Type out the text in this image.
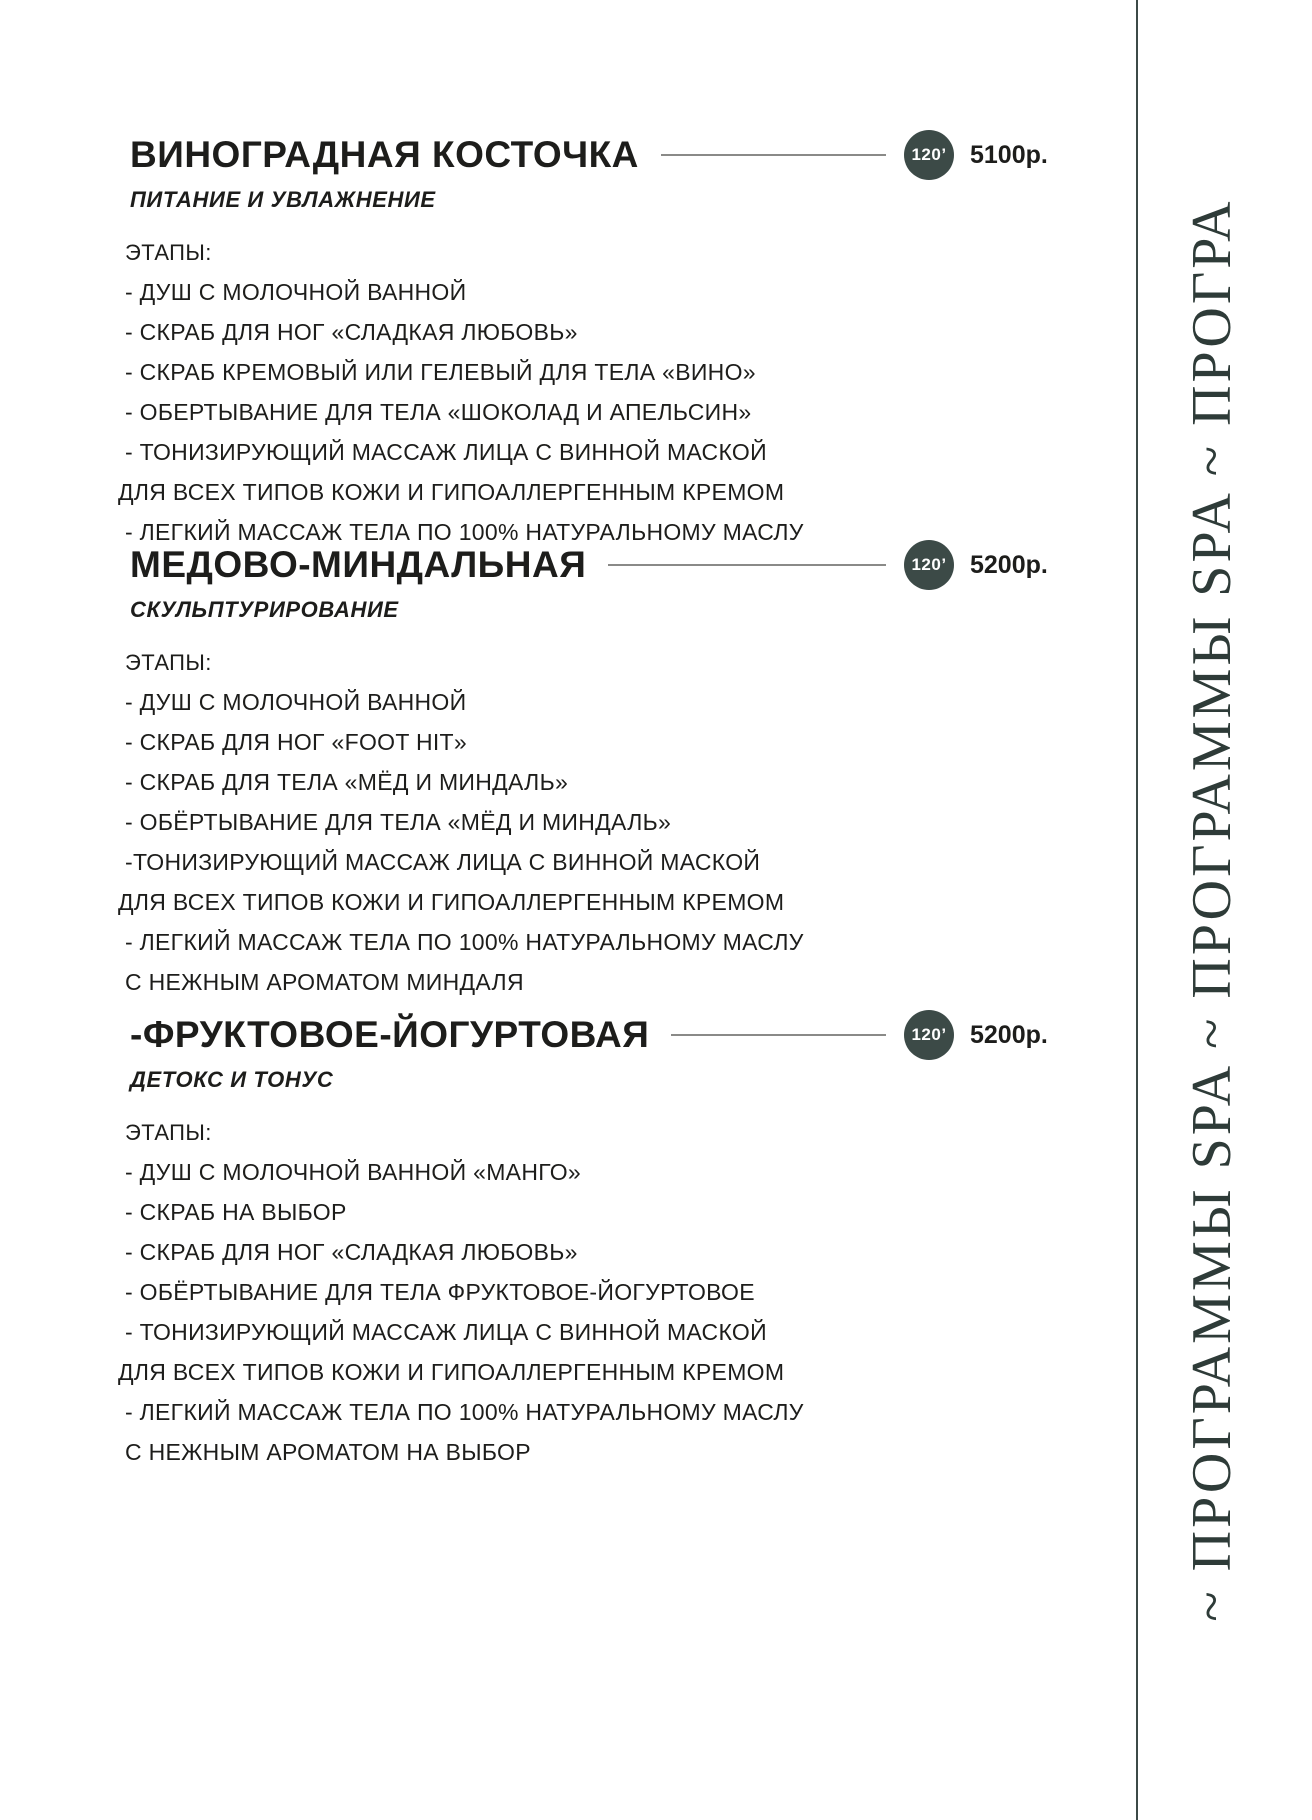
ВИНОГРАДНАЯ КОСТОЧКА	120’ 5100р.
ПИТАНИЕ И УВЛАЖНЕНИЕ
ЭТАПЫ:
- ДУШ С МОЛОЧНОЙ ВАННОЙ
- СКРАБ ДЛЯ НОГ «СЛАДКАЯ ЛЮБОВЬ»
- СКРАБ КРЕМОВЫЙ ИЛИ ГЕЛЕВЫЙ ДЛЯ ТЕЛА «ВИНО»
- ОБЕРТЫВАНИЕ ДЛЯ ТЕЛА «ШОКОЛАД И АПЕЛЬСИН»
- ТОНИЗИРУЮЩИЙ МАССАЖ ЛИЦА С ВИННОЙ МАСКОЙ
ДЛЯ ВСЕХ ТИПОВ КОЖИ И ГИПОАЛЛЕРГЕННЫМ КРЕМОМ
- ЛЕГКИЙ МАССАЖ ТЕЛА ПО 100% НАТУРАЛЬНОМУ МАСЛУ
МЕДОВО-МИНДАЛЬНАЯ	120’ 5200р.
СКУЛЬПТУРИРОВАНИЕ
ЭТАПЫ:
- ДУШ С МОЛОЧНОЙ ВАННОЙ
- СКРАБ ДЛЯ НОГ «FOOT HIT»
- СКРАБ ДЛЯ ТЕЛА «МЁД И МИНДАЛЬ»
- ОБЁРТЫВАНИЕ ДЛЯ ТЕЛА «МЁД И МИНДАЛЬ»
-ТОНИЗИРУЮЩИЙ МАССАЖ ЛИЦА С ВИННОЙ МАСКОЙ
ДЛЯ ВСЕХ ТИПОВ КОЖИ И ГИПОАЛЛЕРГЕННЫМ КРЕМОМ
- ЛЕГКИЙ МАССАЖ ТЕЛА ПО 100% НАТУРАЛЬНОМУ МАСЛУ
С НЕЖНЫМ АРОМАТОМ МИНДАЛЯ
-ФРУКТОВОЕ-ЙОГУРТОВАЯ	120’ 5200р.
ДЕТОКС И ТОНУС
ЭТАПЫ:
- ДУШ С МОЛОЧНОЙ ВАННОЙ «МАНГО»
- СКРАБ НА ВЫБОР
- СКРАБ ДЛЯ НОГ «СЛАДКАЯ ЛЮБОВЬ»
- ОБЁРТЫВАНИЕ ДЛЯ ТЕЛА ФРУКТОВОЕ-ЙОГУРТОВОЕ
- ТОНИЗИРУЮЩИЙ МАССАЖ ЛИЦА С ВИННОЙ МАСКОЙ
ДЛЯ ВСЕХ ТИПОВ КОЖИ И ГИПОАЛЛЕРГЕННЫМ КРЕМОМ
- ЛЕГКИЙ МАССАЖ ТЕЛА ПО 100% НАТУРАЛЬНОМУ МАСЛУ
С НЕЖНЫМ АРОМАТОМ НА ВЫБОР	~ ПРОГРАММЫ SPA ~ ПРОГРАММЫ SPA ~ ПРОГРА
